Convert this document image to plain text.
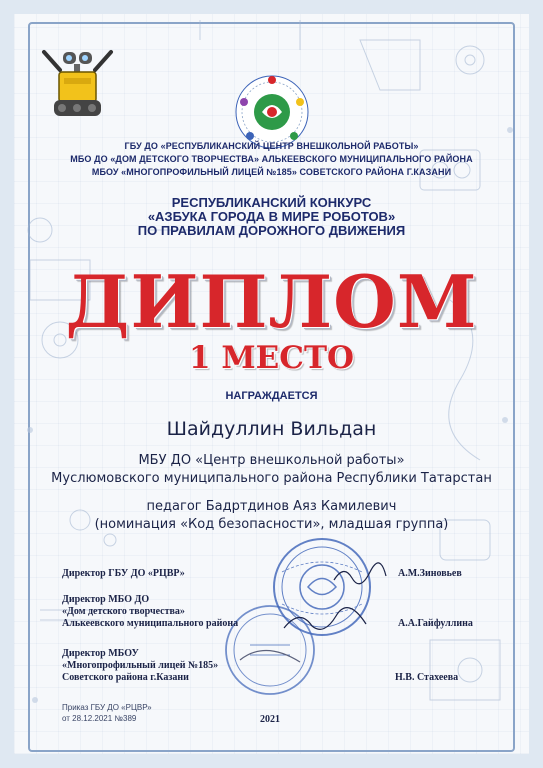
ГБУ ДО «РЕСПУБЛИКАНСКИЙ ЦЕНТР ВНЕШКОЛЬНОЙ РАБОТЫ»
МБО ДО «ДОМ ДЕТСКОГО ТВОРЧЕСТВА» АЛЬКЕЕВСКОГО МУНИЦИПАЛЬНОГО РАЙОНА
МБОУ «МНОГОПРОФИЛЬНЫЙ ЛИЦЕЙ №185» СОВЕТСКОГО РАЙОНА Г.КАЗАНИ
РЕСПУБЛИКАНСКИЙ КОНКУРС
«АЗБУКА ГОРОДА В МИРЕ РОБОТОВ»
ПО ПРАВИЛАМ ДОРОЖНОГО ДВИЖЕНИЯ
ДИПЛОМ
1 МЕСТО
НАГРАЖДАЕТСЯ
Шайдуллин Вильдан
МБУ ДО «Центр внешкольной работы»
Муслюмовского муниципального района Республики Татарстан
педагог Бадртдинов Аяз Камилевич
(номинация «Код безопасности», младшая группа)
Директор ГБУ ДО «РЦВР»	А.М.Зиновьев
Директор МБО ДО
«Дом детского творчества»
Алькеевского муниципального района	А.А.Гайфуллина
Директор МБОУ
«Многопрофильный лицей №185»
Советского района г.Казани	Н.В. Стахеева
Приказ ГБУ ДО «РЦВР»
от 28.12.2021 №389	2021
